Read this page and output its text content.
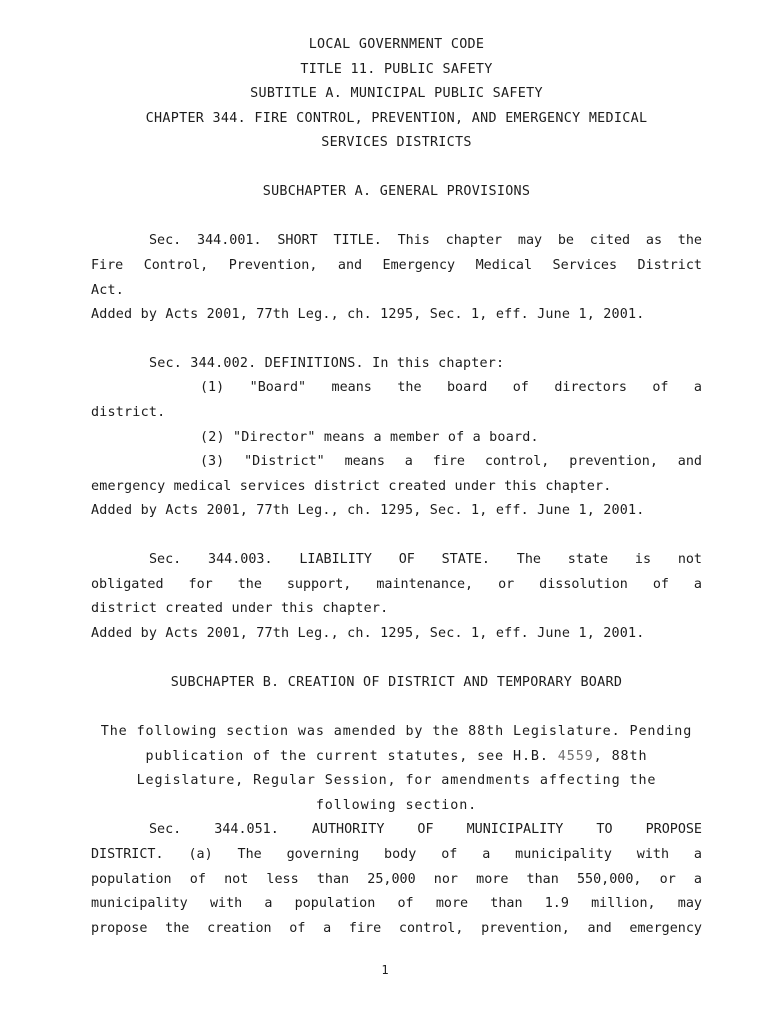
LOCAL GOVERNMENT CODE
TITLE 11. PUBLIC SAFETY
SUBTITLE A. MUNICIPAL PUBLIC SAFETY
CHAPTER 344. FIRE CONTROL, PREVENTION, AND EMERGENCY MEDICAL
SERVICES DISTRICTS
SUBCHAPTER A. GENERAL PROVISIONS
Sec. 344.001. SHORT TITLE. This chapter may be cited as the
Fire Control, Prevention, and Emergency Medical Services District
Act.
Added by Acts 2001, 77th Leg., ch. 1295, Sec. 1, eff. June 1, 2001.
Sec. 344.002. DEFINITIONS. In this chapter:
(1) "Board" means the board of directors of a
district.
(2) "Director" means a member of a board.
(3) "District" means a fire control, prevention, and
emergency medical services district created under this chapter.
Added by Acts 2001, 77th Leg., ch. 1295, Sec. 1, eff. June 1, 2001.
Sec. 344.003. LIABILITY OF STATE. The state is not
obligated for the support, maintenance, or dissolution of a
district created under this chapter.
Added by Acts 2001, 77th Leg., ch. 1295, Sec. 1, eff. June 1, 2001.
SUBCHAPTER B. CREATION OF DISTRICT AND TEMPORARY BOARD
The following section was amended by the 88th Legislature. Pending
publication of the current statutes, see H.B. 4559, 88th
Legislature, Regular Session, for amendments affecting the
following section.
Sec. 344.051. AUTHORITY OF MUNICIPALITY TO PROPOSE
DISTRICT. (a) The governing body of a municipality with a
population of not less than 25,000 nor more than 550,000, or a
municipality with a population of more than 1.9 million, may
propose the creation of a fire control, prevention, and emergency
1
